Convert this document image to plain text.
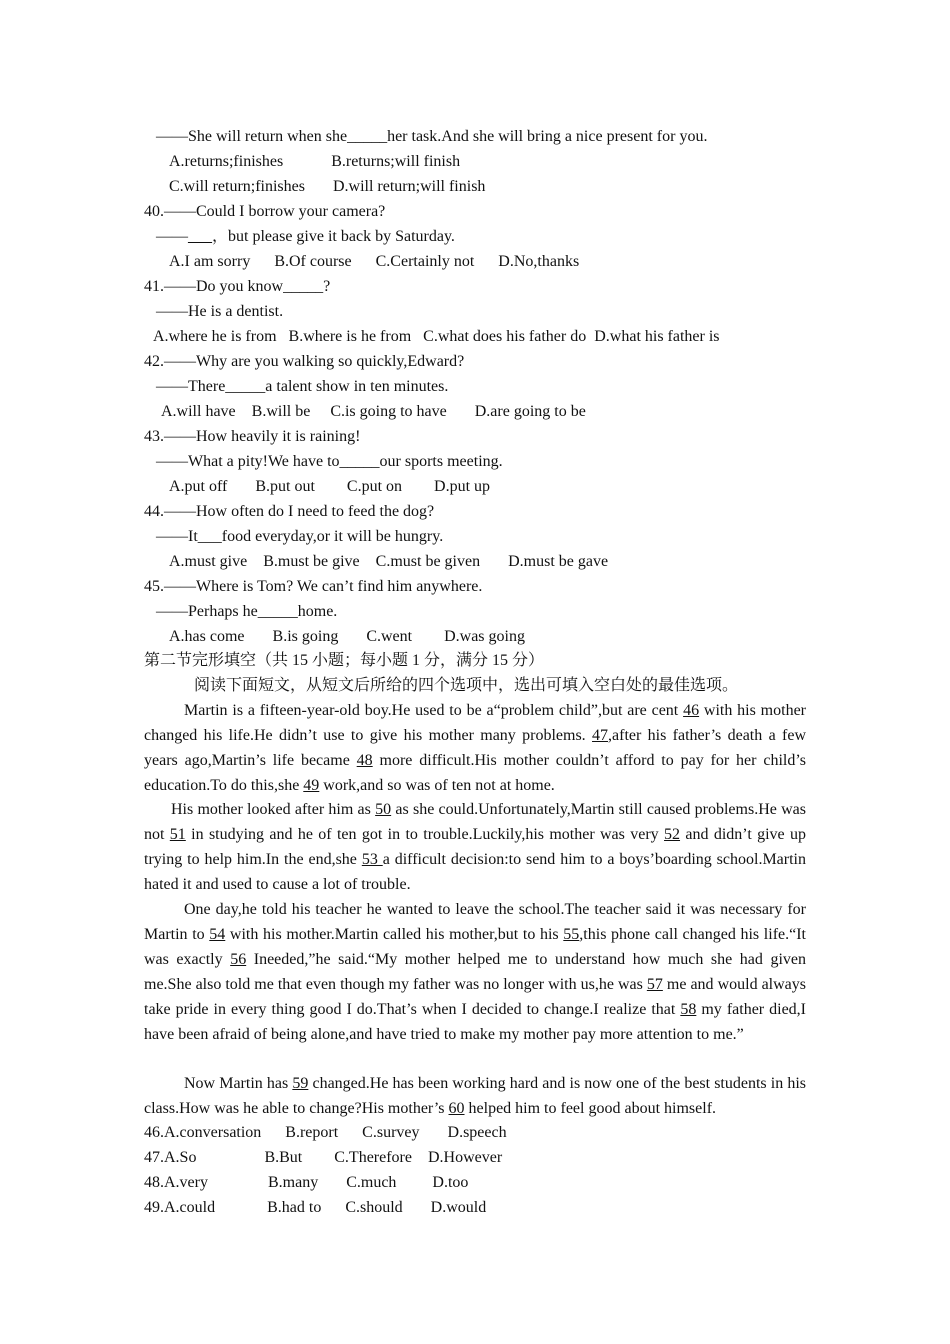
——She will return when she_____her task.And she will bring a nice present for you.
A.returns;finishes            B.returns;will finish
C.will return;finishes       D.will return;will finish
40.——Could I borrow your camera?
——___，but please give it back by Saturday.
A.I am sorry      B.Of course      C.Certainly not      D.No,thanks
41.——Do you know_____?
——He is a dentist.
A.where he is from   B.where is he from   C.what does his father do  D.what his father is
42.——Why are you walking so quickly,Edward?
——There_____a talent show in ten minutes.
A.will have    B.will be     C.is going to have       D.are going to be
43.——How heavily it is raining!
——What a pity!We have to_____our sports meeting.
A.put off       B.put out        C.put on        D.put up
44.——How often do I need to feed the dog?
——It___food everyday,or it will be hungry.
A.must give    B.must be give    C.must be given       D.must be gave
45.——Where is Tom? We can’t find him anywhere.
——Perhaps he_____home.
A.has come       B.is going       C.went        D.was going
第二节完形填空（共 15 小题；每小题 1 分，满分 15 分）
阅读下面短文，从短文后所给的四个选项中，选出可填入空白处的最佳选项。
Martin is a fifteen-year-old boy.He used to be a“problem child”,but are cent 46 with his mother changed his life.He didn’t use to give his mother many problems. 47,after his father’s death a few years ago,Martin’s life became 48 more difficult.His mother couldn’t afford to pay for her child’s education.To do this,she 49 work,and so was of ten not at home.
His mother looked after him as 50 as she could.Unfortunately,Martin still caused problems.He was not 51 in studying and he of ten got in to trouble.Luckily,his mother was very 52 and didn’t give up trying to help him.In the end,she 53 a difficult decision:to send him to a boys’boarding school.Martin hated it and used to cause a lot of trouble.
One day,he told his teacher he wanted to leave the school.The teacher said it was necessary for Martin to 54 with his mother.Martin called his mother,but to his 55,this phone call changed his life.“It was exactly 56 Ineeded,”he said.“My mother helped me to understand how much she had given me.She also told me that even though my father was no longer with us,he was 57 me and would always take pride in every thing good I do.That’s when I decided to change.I realize that 58 my father died,I have been afraid of being alone,and have tried to make my mother pay more attention to me.”
Now Martin has 59 changed.He has been working hard and is now one of the best students in his class.How was he able to change?His mother’s 60 helped him to feel good about himself.
46.A.conversation      B.report      C.survey       D.speech
47.A.So                 B.But        C.Therefore    D.However
48.A.very               B.many       C.much         D.too
49.A.could             B.had to      C.should       D.would
